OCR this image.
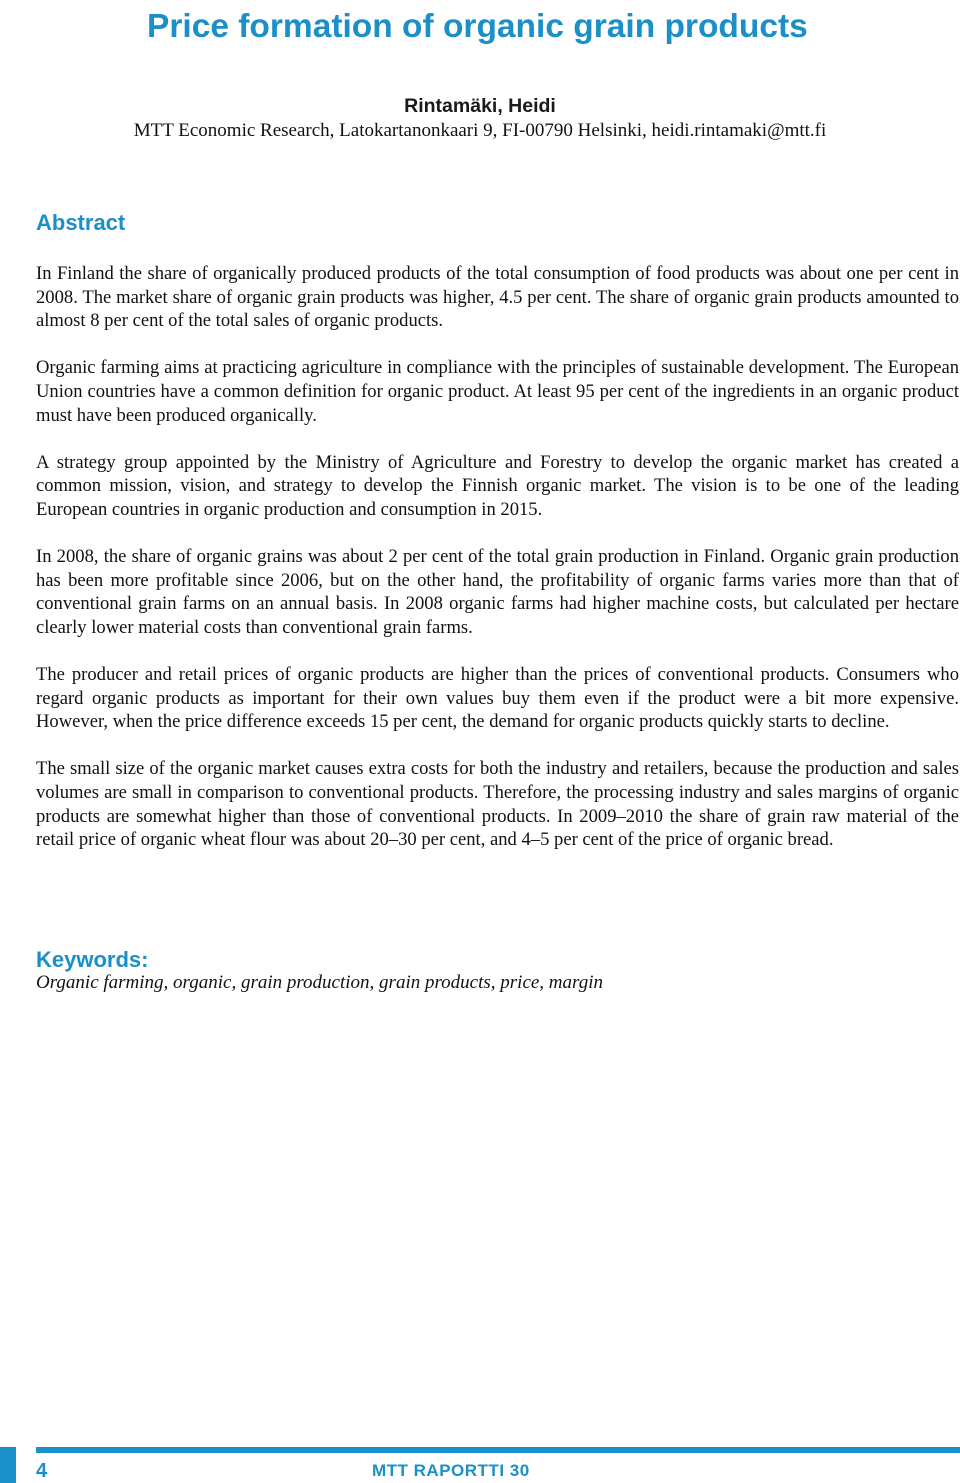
Price formation of organic grain products
Rintamäki, Heidi
MTT Economic Research, Latokartanonkaari 9, FI-00790 Helsinki, heidi.rintamaki@mtt.fi
Abstract

In Finland the share of organically produced products of the total consumption of food products was about one per cent in 2008. The market share of organic grain products was higher, 4.5 per cent. The share of organic grain products amounted to almost 8 per cent of the total sales of organic products.

Organic farming aims at practicing agriculture in compliance with the principles of sustainable development. The European Union countries have a common definition for organic product. At least 95 per cent of the ingredients in an organic product must have been produced organically.

A strategy group appointed by the Ministry of Agriculture and Forestry to develop the organic market has created a common mission, vision, and strategy to develop the Finnish organic market. The vision is to be one of the leading European countries in organic production and consumption in 2015.

In 2008, the share of organic grains was about 2 per cent of the total grain production in Finland. Organic grain production has been more profitable since 2006, but on the other hand, the profitability of organic farms varies more than that of conventional grain farms on an annual basis. In 2008 organic farms had higher machine costs, but calculated per hectare clearly lower material costs than conventional grain farms.

The producer and retail prices of organic products are higher than the prices of conventional products. Consumers who regard organic products as important for their own values buy them even if the product were a bit more expensive. However, when the price difference exceeds 15 per cent, the demand for organic products quickly starts to decline.

The small size of the organic market causes extra costs for both the industry and retailers, because the production and sales volumes are small in comparison to conventional products. Therefore, the processing industry and sales margins of organic products are somewhat higher than those of conventional products. In 2009–2010 the share of grain raw material of the retail price of organic wheat flour was about 20–30 per cent, and 4–5 per cent of the price of organic bread.

Keywords:
Organic farming, organic, grain production, grain products, price, margin
4	MTT RAPORTTI 30
